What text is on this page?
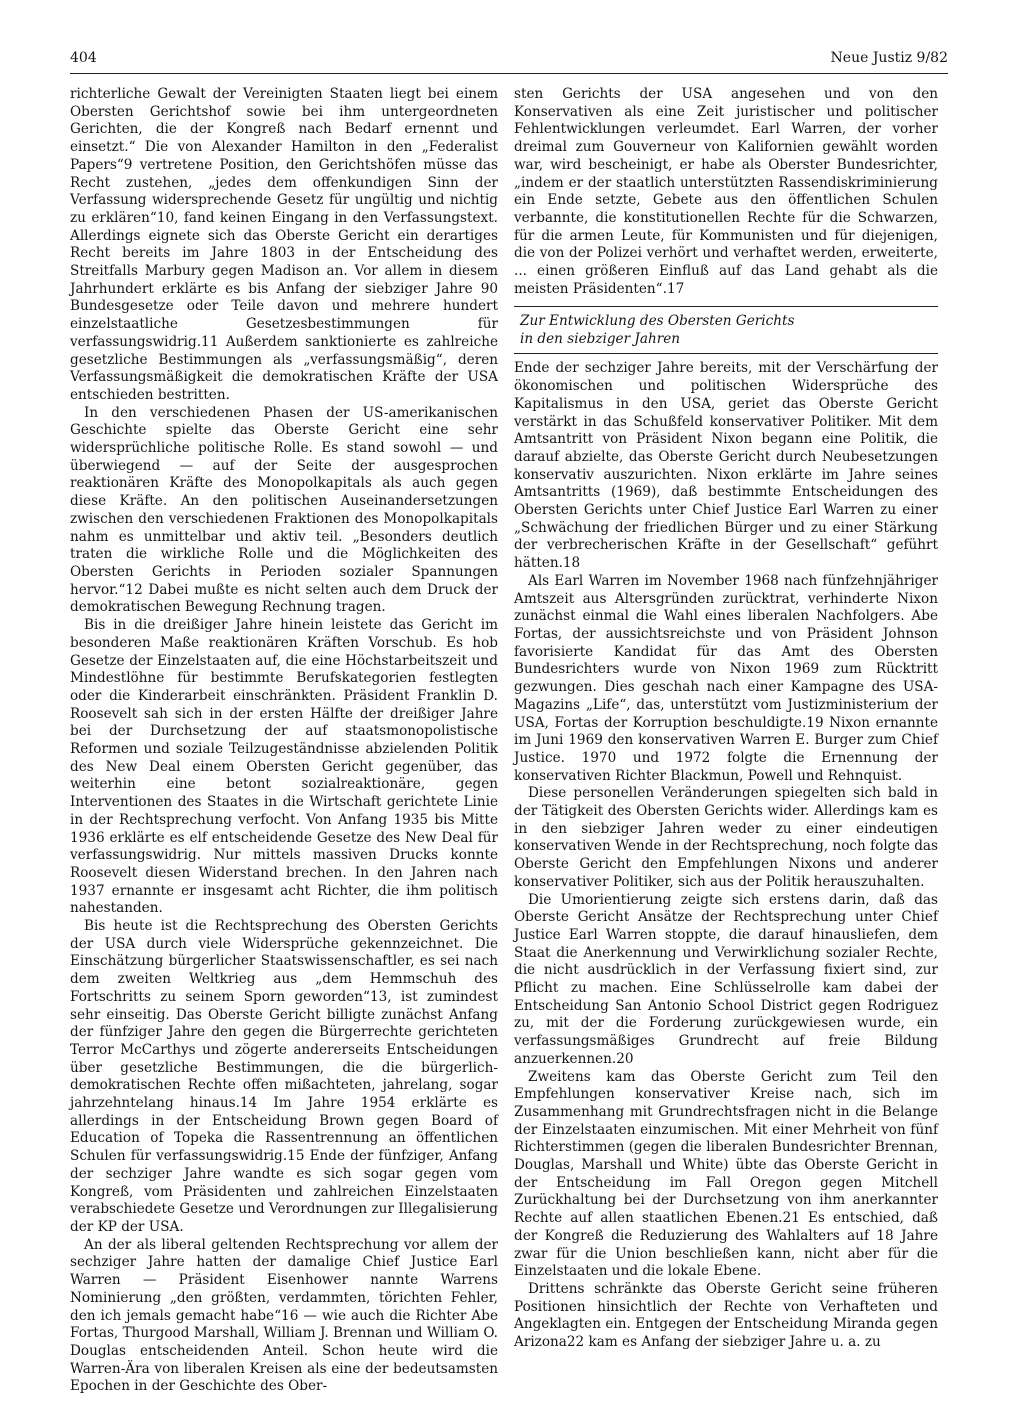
404	Neue Justiz 9/82

richterliche Gewalt der Vereinigten Staaten liegt bei einem Obersten Gerichtshof sowie bei ihm untergeordneten Gerichten, die der Kongreß nach Bedarf ernennt und einsetzt.“ Die von Alexander Hamilton in den „Federalist Papers“9 vertretene Position, den Gerichtshöfen müsse das Recht zustehen, „jedes dem offenkundigen Sinn der Verfassung widersprechende Gesetz für ungültig und nichtig zu erklären“10, fand keinen Eingang in den Verfassungstext. Allerdings eignete sich das Oberste Gericht ein derartiges Recht bereits im Jahre 1803 in der Entscheidung des Streitfalls Marbury gegen Madison an. Vor allem in diesem Jahrhundert erklärte es bis Anfang der siebziger Jahre 90 Bundesgesetze oder Teile davon und mehrere hundert einzelstaatliche Gesetzesbestimmungen für verfassungswidrig.11 Außerdem sanktionierte es zahlreiche gesetzliche Bestimmungen als „verfassungsmäßig“, deren Verfassungsmäßigkeit die demokratischen Kräfte der USA entschieden bestritten.

In den verschiedenen Phasen der US-amerikanischen Geschichte spielte das Oberste Gericht eine sehr widersprüchliche politische Rolle. Es stand sowohl — und überwiegend — auf der Seite der ausgesprochen reaktionären Kräfte des Monopolkapitals als auch gegen diese Kräfte. An den politischen Auseinandersetzungen zwischen den verschiedenen Fraktionen des Monopolkapitals nahm es unmittelbar und aktiv teil. „Besonders deutlich traten die wirkliche Rolle und die Möglichkeiten des Obersten Gerichts in Perioden sozialer Spannungen hervor.“12 Dabei mußte es nicht selten auch dem Druck der demokratischen Bewegung Rechnung tragen.

Bis in die dreißiger Jahre hinein leistete das Gericht im besonderen Maße reaktionären Kräften Vorschub. Es hob Gesetze der Einzelstaaten auf, die eine Höchstarbeitszeit und Mindestlöhne für bestimmte Berufskategorien festlegten oder die Kinderarbeit einschränkten. Präsident Franklin D. Roosevelt sah sich in der ersten Hälfte der dreißiger Jahre bei der Durchsetzung der auf staatsmonopolistische Reformen und soziale Teilzugeständnisse abzielenden Politik des New Deal einem Obersten Gericht gegenüber, das weiterhin eine betont sozialreaktionäre, gegen Interventionen des Staates in die Wirtschaft gerichtete Linie in der Rechtsprechung verfocht. Von Anfang 1935 bis Mitte 1936 erklärte es elf entscheidende Gesetze des New Deal für verfassungswidrig. Nur mittels massiven Drucks konnte Roosevelt diesen Widerstand brechen. In den Jahren nach 1937 ernannte er insgesamt acht Richter, die ihm politisch nahestanden.

Bis heute ist die Rechtsprechung des Obersten Gerichts der USA durch viele Widersprüche gekennzeichnet. Die Einschätzung bürgerlicher Staatswissenschaftler, es sei nach dem zweiten Weltkrieg aus „dem Hemmschuh des Fortschritts zu seinem Sporn geworden“13, ist zumindest sehr einseitig. Das Oberste Gericht billigte zunächst Anfang der fünfziger Jahre den gegen die Bürgerrechte gerichteten Terror McCarthys und zögerte andererseits Entscheidungen über gesetzliche Bestimmungen, die die bürgerlich-demokratischen Rechte offen mißachteten, jahrelang, sogar jahrzehntelang hinaus.14 Im Jahre 1954 erklärte es allerdings in der Entscheidung Brown gegen Board of Education of Topeka die Rassentrennung an öffentlichen Schulen für verfassungswidrig.15 Ende der fünfziger, Anfang der sechziger Jahre wandte es sich sogar gegen vom Kongreß, vom Präsidenten und zahlreichen Einzelstaaten verabschiedete Gesetze und Verordnungen zur Illegalisierung der KP der USA.

An der als liberal geltenden Rechtsprechung vor allem der sechziger Jahre hatten der damalige Chief Justice Earl Warren — Präsident Eisenhower nannte Warrens Nominierung „den größten, verdammten, törichten Fehler, den ich jemals gemacht habe“16 — wie auch die Richter Abe Fortas, Thurgood Marshall, William J. Brennan und William O. Douglas entscheidenden Anteil. Schon heute wird die Warren-Ära von liberalen Kreisen als eine der bedeutsamsten Epochen in der Geschichte des Ober-

sten Gerichts der USA angesehen und von den Konservativen als eine Zeit juristischer und politischer Fehlentwicklungen verleumdet. Earl Warren, der vorher dreimal zum Gouverneur von Kalifornien gewählt worden war, wird bescheinigt, er habe als Oberster Bundesrichter, „indem er der staatlich unterstützten Rassendiskriminierung ein Ende setzte, Gebete aus den öffentlichen Schulen verbannte, die konstitutionellen Rechte für die Schwarzen, für die armen Leute, für Kommunisten und für diejenigen, die von der Polizei verhört und verhaftet werden, erweiterte, ... einen größeren Einfluß auf das Land gehabt als die meisten Präsidenten“.17

Zur Entwicklung des Obersten Gerichts
in den siebziger Jahren

Ende der sechziger Jahre bereits, mit der Verschärfung der ökonomischen und politischen Widersprüche des Kapitalismus in den USA, geriet das Oberste Gericht verstärkt in das Schußfeld konservativer Politiker. Mit dem Amtsantritt von Präsident Nixon begann eine Politik, die darauf abzielte, das Oberste Gericht durch Neubesetzungen konservativ auszurichten. Nixon erklärte im Jahre seines Amtsantritts (1969), daß bestimmte Entscheidungen des Obersten Gerichts unter Chief Justice Earl Warren zu einer „Schwächung der friedlichen Bürger und zu einer Stärkung der verbrecherischen Kräfte in der Gesellschaft“ geführt hätten.18

Als Earl Warren im November 1968 nach fünfzehnjähriger Amtszeit aus Altersgründen zurücktrat, verhinderte Nixon zunächst einmal die Wahl eines liberalen Nachfolgers. Abe Fortas, der aussichtsreichste und von Präsident Johnson favorisierte Kandidat für das Amt des Obersten Bundesrichters wurde von Nixon 1969 zum Rücktritt gezwungen. Dies geschah nach einer Kampagne des USA-Magazins „Life“, das, unterstützt vom Justizministerium der USA, Fortas der Korruption beschuldigte.19 Nixon ernannte im Juni 1969 den konservativen Warren E. Burger zum Chief Justice. 1970 und 1972 folgte die Ernennung der konservativen Richter Blackmun, Powell und Rehnquist.

Diese personellen Veränderungen spiegelten sich bald in der Tätigkeit des Obersten Gerichts wider. Allerdings kam es in den siebziger Jahren weder zu einer eindeutigen konservativen Wende in der Rechtsprechung, noch folgte das Oberste Gericht den Empfehlungen Nixons und anderer konservativer Politiker, sich aus der Politik herauszuhalten.

Die Umorientierung zeigte sich erstens darin, daß das Oberste Gericht Ansätze der Rechtsprechung unter Chief Justice Earl Warren stoppte, die darauf hinausliefen, dem Staat die Anerkennung und Verwirklichung sozialer Rechte, die nicht ausdrücklich in der Verfassung fixiert sind, zur Pflicht zu machen. Eine Schlüsselrolle kam dabei der Entscheidung San Antonio School District gegen Rodriguez zu, mit der die Forderung zurückgewiesen wurde, ein verfassungsmäßiges Grundrecht auf freie Bildung anzuerkennen.20

Zweitens kam das Oberste Gericht zum Teil den Empfehlungen konservativer Kreise nach, sich im Zusammenhang mit Grundrechtsfragen nicht in die Belange der Einzelstaaten einzumischen. Mit einer Mehrheit von fünf Richterstimmen (gegen die liberalen Bundesrichter Brennan, Douglas, Marshall und White) übte das Oberste Gericht in der Entscheidung im Fall Oregon gegen Mitchell Zurückhaltung bei der Durchsetzung von ihm anerkannter Rechte auf allen staatlichen Ebenen.21 Es entschied, daß der Kongreß die Reduzierung des Wahlalters auf 18 Jahre zwar für die Union beschließen kann, nicht aber für die Einzelstaaten und die lokale Ebene.

Drittens schränkte das Oberste Gericht seine früheren Positionen hinsichtlich der Rechte von Verhafteten und Angeklagten ein. Entgegen der Entscheidung Miranda gegen Arizona22 kam es Anfang der siebziger Jahre u. a. zu
